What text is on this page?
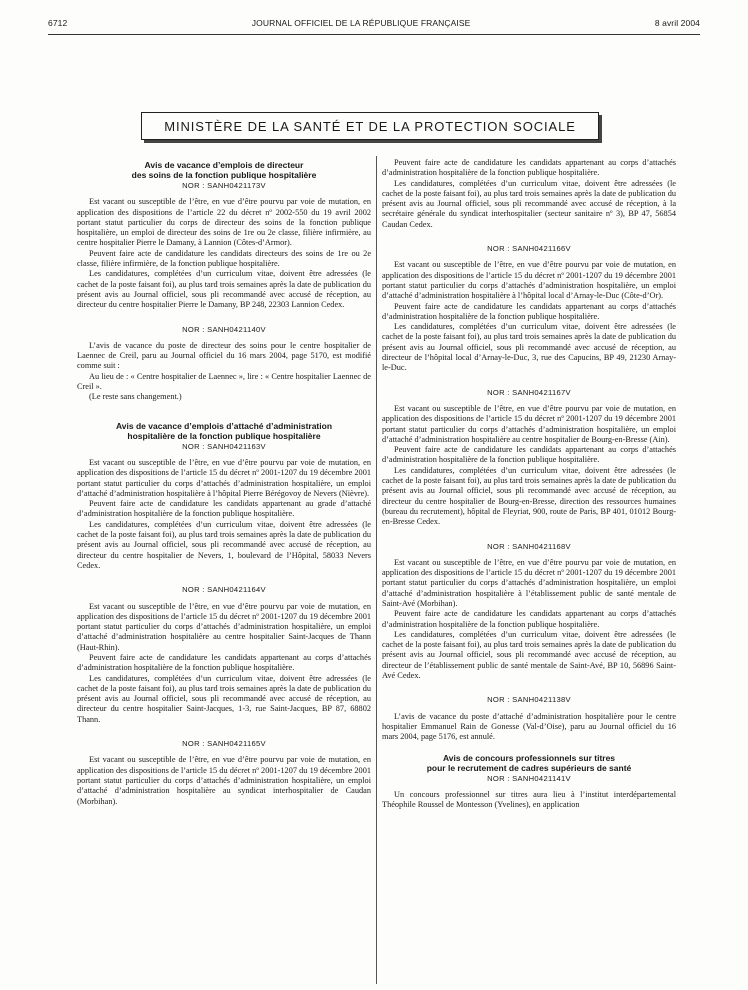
6712	JOURNAL OFFICIEL DE LA RÉPUBLIQUE FRANÇAISE	8 avril 2004
MINISTÈRE DE LA SANTÉ ET DE LA PROTECTION SOCIALE
Avis de vacance d’emplois de directeur
des soins de la fonction publique hospitalière
NOR : SANH0421173V

Est vacant ou susceptible de l’être, en vue d’être pourvu par voie de mutation, en application des dispositions de l’article 22 du décret nº 2002-550 du 19 avril 2002 portant statut particulier du corps de directeur des soins de la fonction publique hospitalière, un emploi de directeur des soins de 1re ou 2e classe, filière infirmière, au centre hospitalier Pierre le Damany, à Lannion (Côtes-d’Armor).

Peuvent faire acte de candidature les candidats directeurs des soins de 1re ou 2e classe, filière infirmière, de la fonction publique hospitalière.

Les candidatures, complétées d’un curriculum vitae, doivent être adressées (le cachet de la poste faisant foi), au plus tard trois semaines après la date de publication du présent avis au Journal officiel, sous pli recommandé avec accusé de réception, au directeur du centre hospitalier Pierre le Damany, BP 248, 22303 Lannion Cedex.

NOR : SANH0421140V

L’avis de vacance du poste de directeur des soins pour le centre hospitalier de Laennec de Creil, paru au Journal officiel du 16 mars 2004, page 5170, est modifié comme suit :

Au lieu de : « Centre hospitalier de Laennec », lire : « Centre hospitalier Laennec de Creil ».

(Le reste sans changement.)

Avis de vacance d’emplois d’attaché d’administration
hospitalière de la fonction publique hospitalière
NOR : SANH0421163V

Est vacant ou susceptible de l’être, en vue d’être pourvu par voie de mutation, en application des dispositions de l’article 15 du décret nº 2001-1207 du 19 décembre 2001 portant statut particulier du corps d’attachés d’administration hospitalière, un emploi d’attaché d’administration hospitalière à l’hôpital Pierre Bérégovoy de Nevers (Nièvre).

Peuvent faire acte de candidature les candidats appartenant au grade d’attaché d’administration hospitalière de la fonction publique hospitalière.

Les candidatures, complétées d’un curriculum vitae, doivent être adressées (le cachet de la poste faisant foi), au plus tard trois semaines après la date de publication du présent avis au Journal officiel, sous pli recommandé avec accusé de réception, au directeur du centre hospitalier de Nevers, 1, boulevard de l’Hôpital, 58033 Nevers Cedex.

NOR : SANH0421164V

Est vacant ou susceptible de l’être, en vue d’être pourvu par voie de mutation, en application des dispositions de l’article 15 du décret nº 2001-1207 du 19 décembre 2001 portant statut particulier du corps d’attachés d’administration hospitalière, un emploi d’attaché d’administration hospitalière au centre hospitalier Saint-Jacques de Thann (Haut-Rhin).

Peuvent faire acte de candidature les candidats appartenant au corps d’attachés d’administration hospitalière de la fonction publique hospitalière.

Les candidatures, complétées d’un curriculum vitae, doivent être adressées (le cachet de la poste faisant foi), au plus tard trois semaines après la date de publication du présent avis au Journal officiel, sous pli recommandé avec accusé de réception, au directeur du centre hospitalier Saint-Jacques, 1-3, rue Saint-Jacques, BP 87, 68802 Thann.

NOR : SANH0421165V

Est vacant ou susceptible de l’être, en vue d’être pourvu par voie de mutation, en application des dispositions de l’article 15 du décret nº 2001-1207 du 19 décembre 2001 portant statut particulier du corps d’attachés d’administration hospitalière, un emploi d’attaché d’administration hospitalière au syndicat interhospitalier de Caudan (Morbihan).

Peuvent faire acte de candidature les candidats appartenant au corps d’attachés d’administration hospitalière de la fonction publique hospitalière.

Les candidatures, complétées d’un curriculum vitae, doivent être adressées (le cachet de la poste faisant foi), au plus tard trois semaines après la date de publication du présent avis au Journal officiel, sous pli recommandé avec accusé de réception, à la secrétaire générale du syndicat interhospitalier (secteur sanitaire nº 3), BP 47, 56854 Caudan Cedex.

NOR : SANH0421166V

Est vacant ou susceptible de l’être, en vue d’être pourvu par voie de mutation, en application des dispositions de l’article 15 du décret nº 2001-1207 du 19 décembre 2001 portant statut particulier du corps d’attachés d’administration hospitalière, un emploi d’attaché d’administration hospitalière à l’hôpital local d’Arnay-le-Duc (Côte-d’Or).

Peuvent faire acte de candidature les candidats appartenant au corps d’attachés d’administration hospitalière de la fonction publique hospitalière.

Les candidatures, complétées d’un curriculum vitae, doivent être adressées (le cachet de la poste faisant foi), au plus tard trois semaines après la date de publication du présent avis au Journal officiel, sous pli recommandé avec accusé de réception, au directeur de l’hôpital local d’Arnay-le-Duc, 3, rue des Capucins, BP 49, 21230 Arnay-le-Duc.

NOR : SANH0421167V

Est vacant ou susceptible de l’être, en vue d’être pourvu par voie de mutation, en application des dispositions de l’article 15 du décret nº 2001-1207 du 19 décembre 2001 portant statut particulier du corps d’attachés d’administration hospitalière, un emploi d’attaché d’administration hospitalière au centre hospitalier de Bourg-en-Bresse (Ain).

Peuvent faire acte de candidature les candidats appartenant au corps d’attachés d’administration hospitalière de la fonction publique hospitalière.

Les candidatures, complétées d’un curriculum vitae, doivent être adressées (le cachet de la poste faisant foi), au plus tard trois semaines après la date de publication du présent avis au Journal officiel, sous pli recommandé avec accusé de réception, au directeur du centre hospitalier de Bourg-en-Bresse, direction des ressources humaines (bureau du recrutement), hôpital de Fleyriat, 900, route de Paris, BP 401, 01012 Bourg-en-Bresse Cedex.

NOR : SANH0421168V

Est vacant ou susceptible de l’être, en vue d’être pourvu par voie de mutation, en application des dispositions de l’article 15 du décret nº 2001-1207 du 19 décembre 2001 portant statut particulier du corps d’attachés d’administration hospitalière, un emploi d’attaché d’administration hospitalière à l’établissement public de santé mentale de Saint-Avé (Morbihan).

Peuvent faire acte de candidature les candidats appartenant au corps d’attachés d’administration hospitalière de la fonction publique hospitalière.

Les candidatures, complétées d’un curriculum vitae, doivent être adressées (le cachet de la poste faisant foi), au plus tard trois semaines après la date de publication du présent avis au Journal officiel, sous pli recommandé avec accusé de réception, au directeur de l’établissement public de santé mentale de Saint-Avé, BP 10, 56896 Saint-Avé Cedex.

NOR : SANH0421138V

L’avis de vacance du poste d’attaché d’administration hospitalière pour le centre hospitalier Emmanuel Rain de Gonesse (Val-d’Oise), paru au Journal officiel du 16 mars 2004, page 5176, est annulé.

Avis de concours professionnels sur titres
pour le recrutement de cadres supérieurs de santé
NOR : SANH0421141V

Un concours professionnel sur titres aura lieu à l’institut interdépartemental Théophile Roussel de Montesson (Yvelines), en application
